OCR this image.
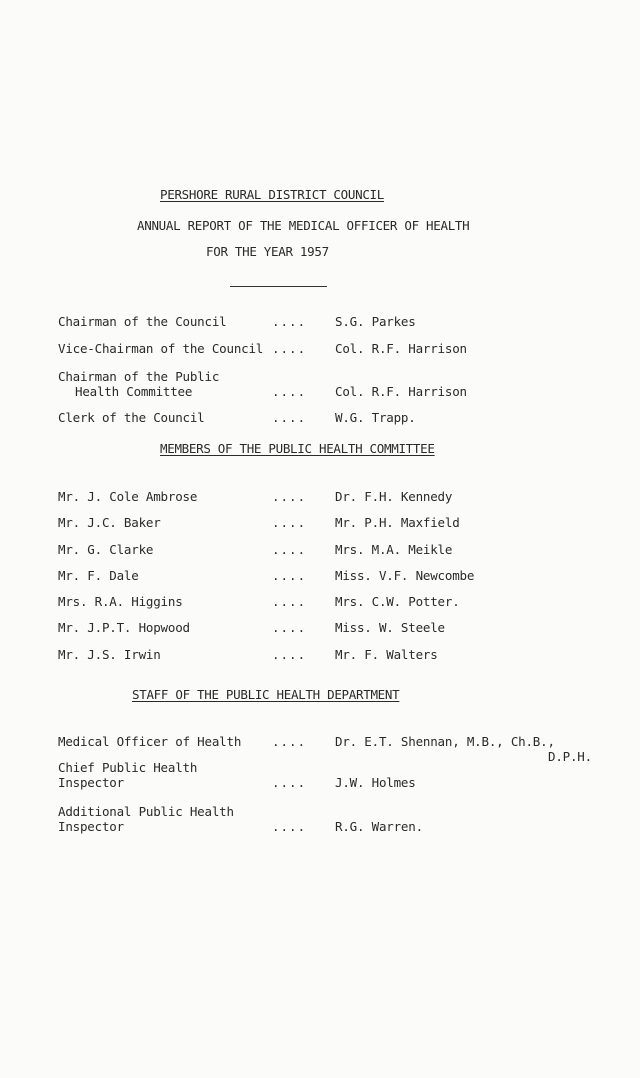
PERSHORE RURAL DISTRICT COUNCIL
ANNUAL REPORT OF THE MEDICAL OFFICER OF HEALTH
FOR THE YEAR 1957
Chairman of the Council	.... S.G. Parkes
Vice-Chairman of the Council .... Col. R.F. Harrison
Chairman of the Public
Health Committee	.... Col. R.F. Harrison
Clerk of the Council	.... W.G. Trapp.
MEMBERS OF THE PUBLIC HEALTH COMMITTEE
Mr. J. Cole Ambrose	.... Dr. F.H. Kennedy
Mr. J.C. Baker	.... Mr. P.H. Maxfield
Mr. G. Clarke	.... Mrs. M.A. Meikle
Mr. F. Dale	.... Miss. V.F. Newcombe
Mrs. R.A. Higgins	.... Mrs. C.W. Potter.
Mr. J.P.T. Hopwood	.... Miss. W. Steele
Mr. J.S. Irwin	.... Mr. F. Walters
STAFF OF THE PUBLIC HEALTH DEPARTMENT
Medical Officer of Health .... Dr. E.T. Shennan, M.B., Ch.B.,
D.P.H.
Chief Public Health
Inspector	.... J.W. Holmes
Additional Public Health
Inspector	.... R.G. Warren.
